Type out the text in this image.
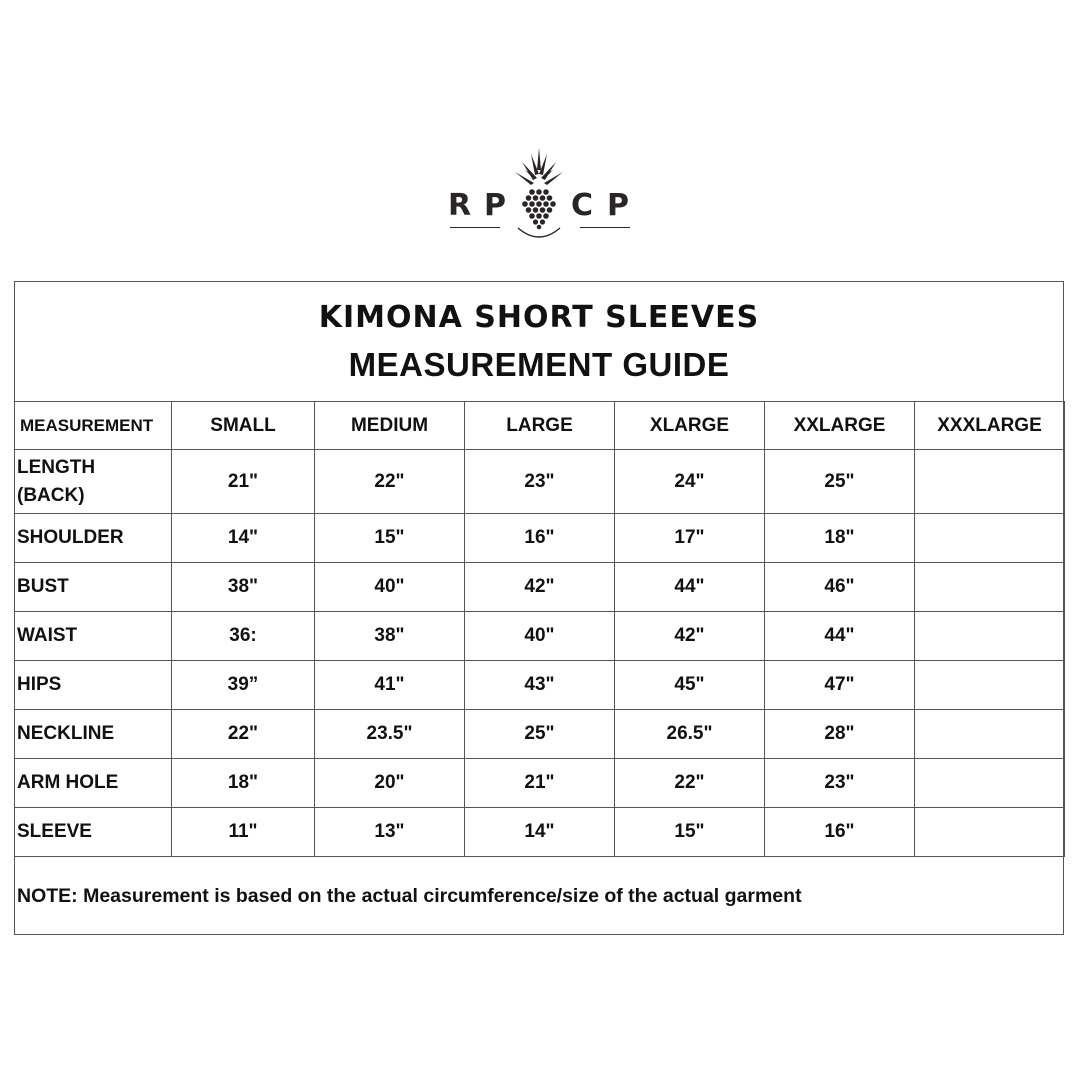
R P C P
KIMONA SHORT SLEEVES
MEASUREMENT GUIDE
MEASUREMENT	SMALL	MEDIUM	LARGE	XLARGE	XXLARGE	XXXLARGE
LENGTH
(BACK)	21"	22"	23"	24"	25"	
SHOULDER	14"	15"	16"	17"	18"	
BUST	38"	40"	42"	44"	46"	
WAIST	36:	38"	40"	42"	44"	
HIPS	39”	41"	43"	45"	47"	
NECKLINE	22"	23.5"	25"	26.5"	28"	
ARM HOLE	18"	20"	21"	22"	23"	
SLEEVE	11"	13"	14"	15"	16"	
NOTE: Measurement is based on the actual circumference/size of the actual garment
